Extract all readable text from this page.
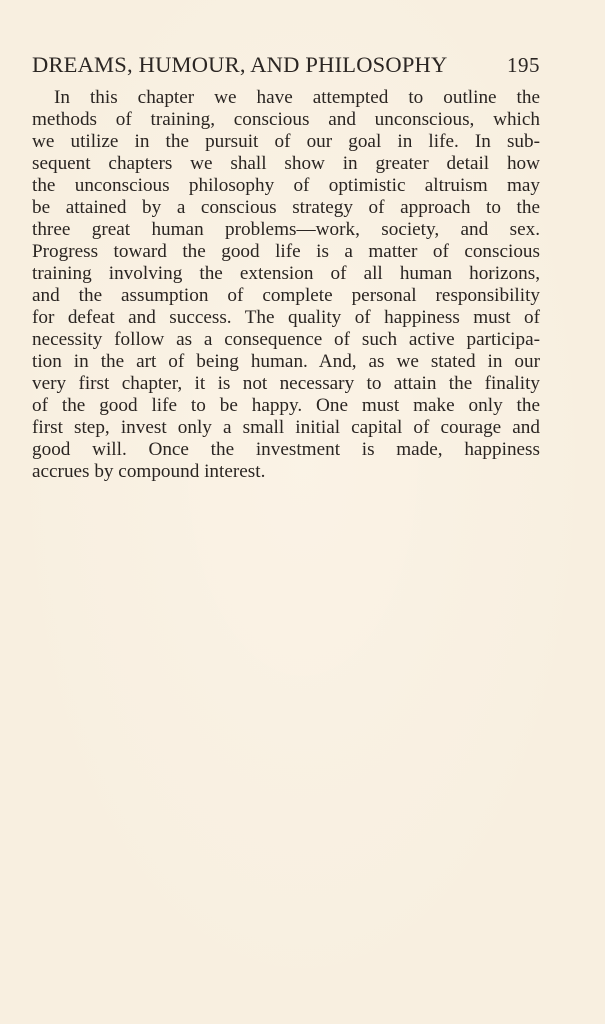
DREAMS, HUMOUR, AND PHILOSOPHY	195

In this chapter we have attempted to outline the
methods of training, conscious and unconscious, which
we utilize in the pursuit of our goal in life. In sub-
sequent chapters we shall show in greater detail how
the unconscious philosophy of optimistic altruism may
be attained by a conscious strategy of approach to the
three great human problems—work, society, and sex.
Progress toward the good life is a matter of conscious
training involving the extension of all human horizons,
and the assumption of complete personal responsibility
for defeat and success. The quality of happiness must of
necessity follow as a consequence of such active participa-
tion in the art of being human. And, as we stated in our
very first chapter, it is not necessary to attain the finality
of the good life to be happy. One must make only the
first step, invest only a small initial capital of courage and
good will. Once the investment is made, happiness
accrues by compound interest.
